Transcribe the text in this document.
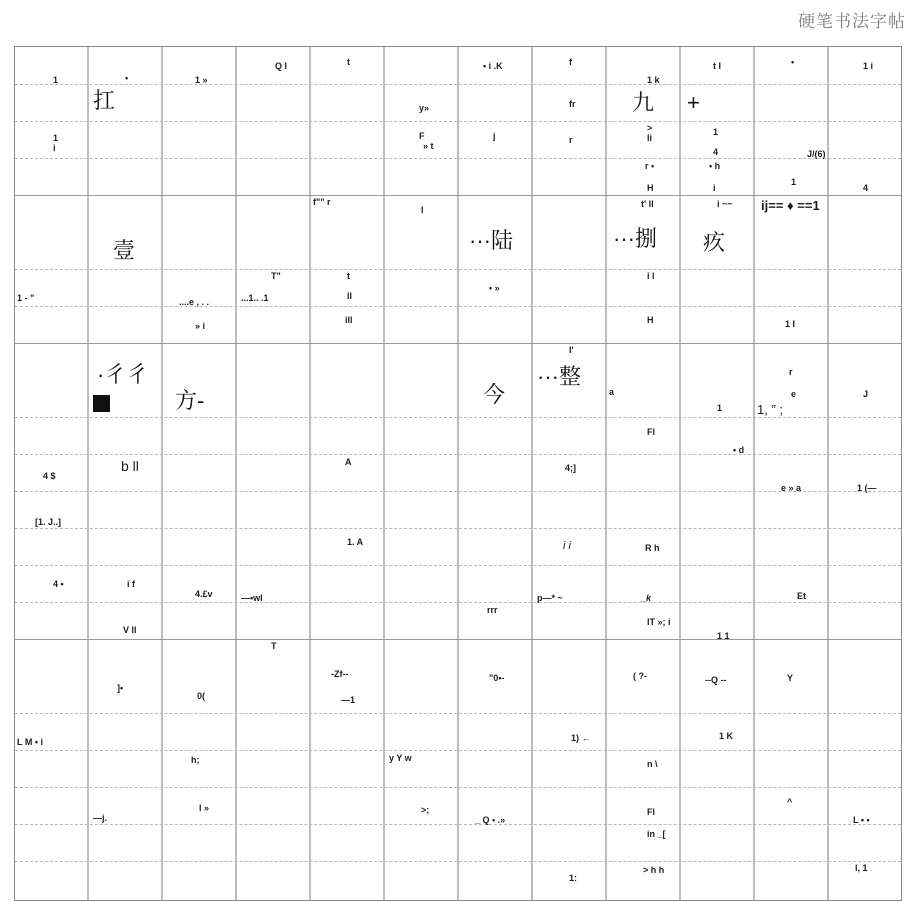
硬笔书法字帖
九 +
扛
壹	···陆	···捌 疚
ij== ♦ ==1
·彳彳
方-	今
···整
b ll
1, ” ;
1	•	1 »
Q I	t	• i .K	f
1 k
t I	•	1 i
1
i
fr
y»
F
» t
j	r
>
li
1
4	J/(6)
r •	• h
H	i
1
4
f"" r
I
t' ll	i ~~
1 - "
T"	t
ll
i l
....e , . .	...1.. .1
• »
ill	H	1 I
» i
I'
r
a
1
e	J
Fl
• d
4 $
A
4;]
e » a	1 (—
[1. J..]
1. A	i i	R h
4 •	i f
4.£v	—•wl	p—* ~	_k	Et
V ll
rrr
IT »; i
1 1
T
-Zf--	"0•-	( ?-	--Q --	Y
—1
]•
0(
L M • i
h;	y Y w
1) ←	1 K
n \
—j.
l »	>;
_ Q • .»
Fl
^
L • •
in _[
> h h	l, 1
1:
